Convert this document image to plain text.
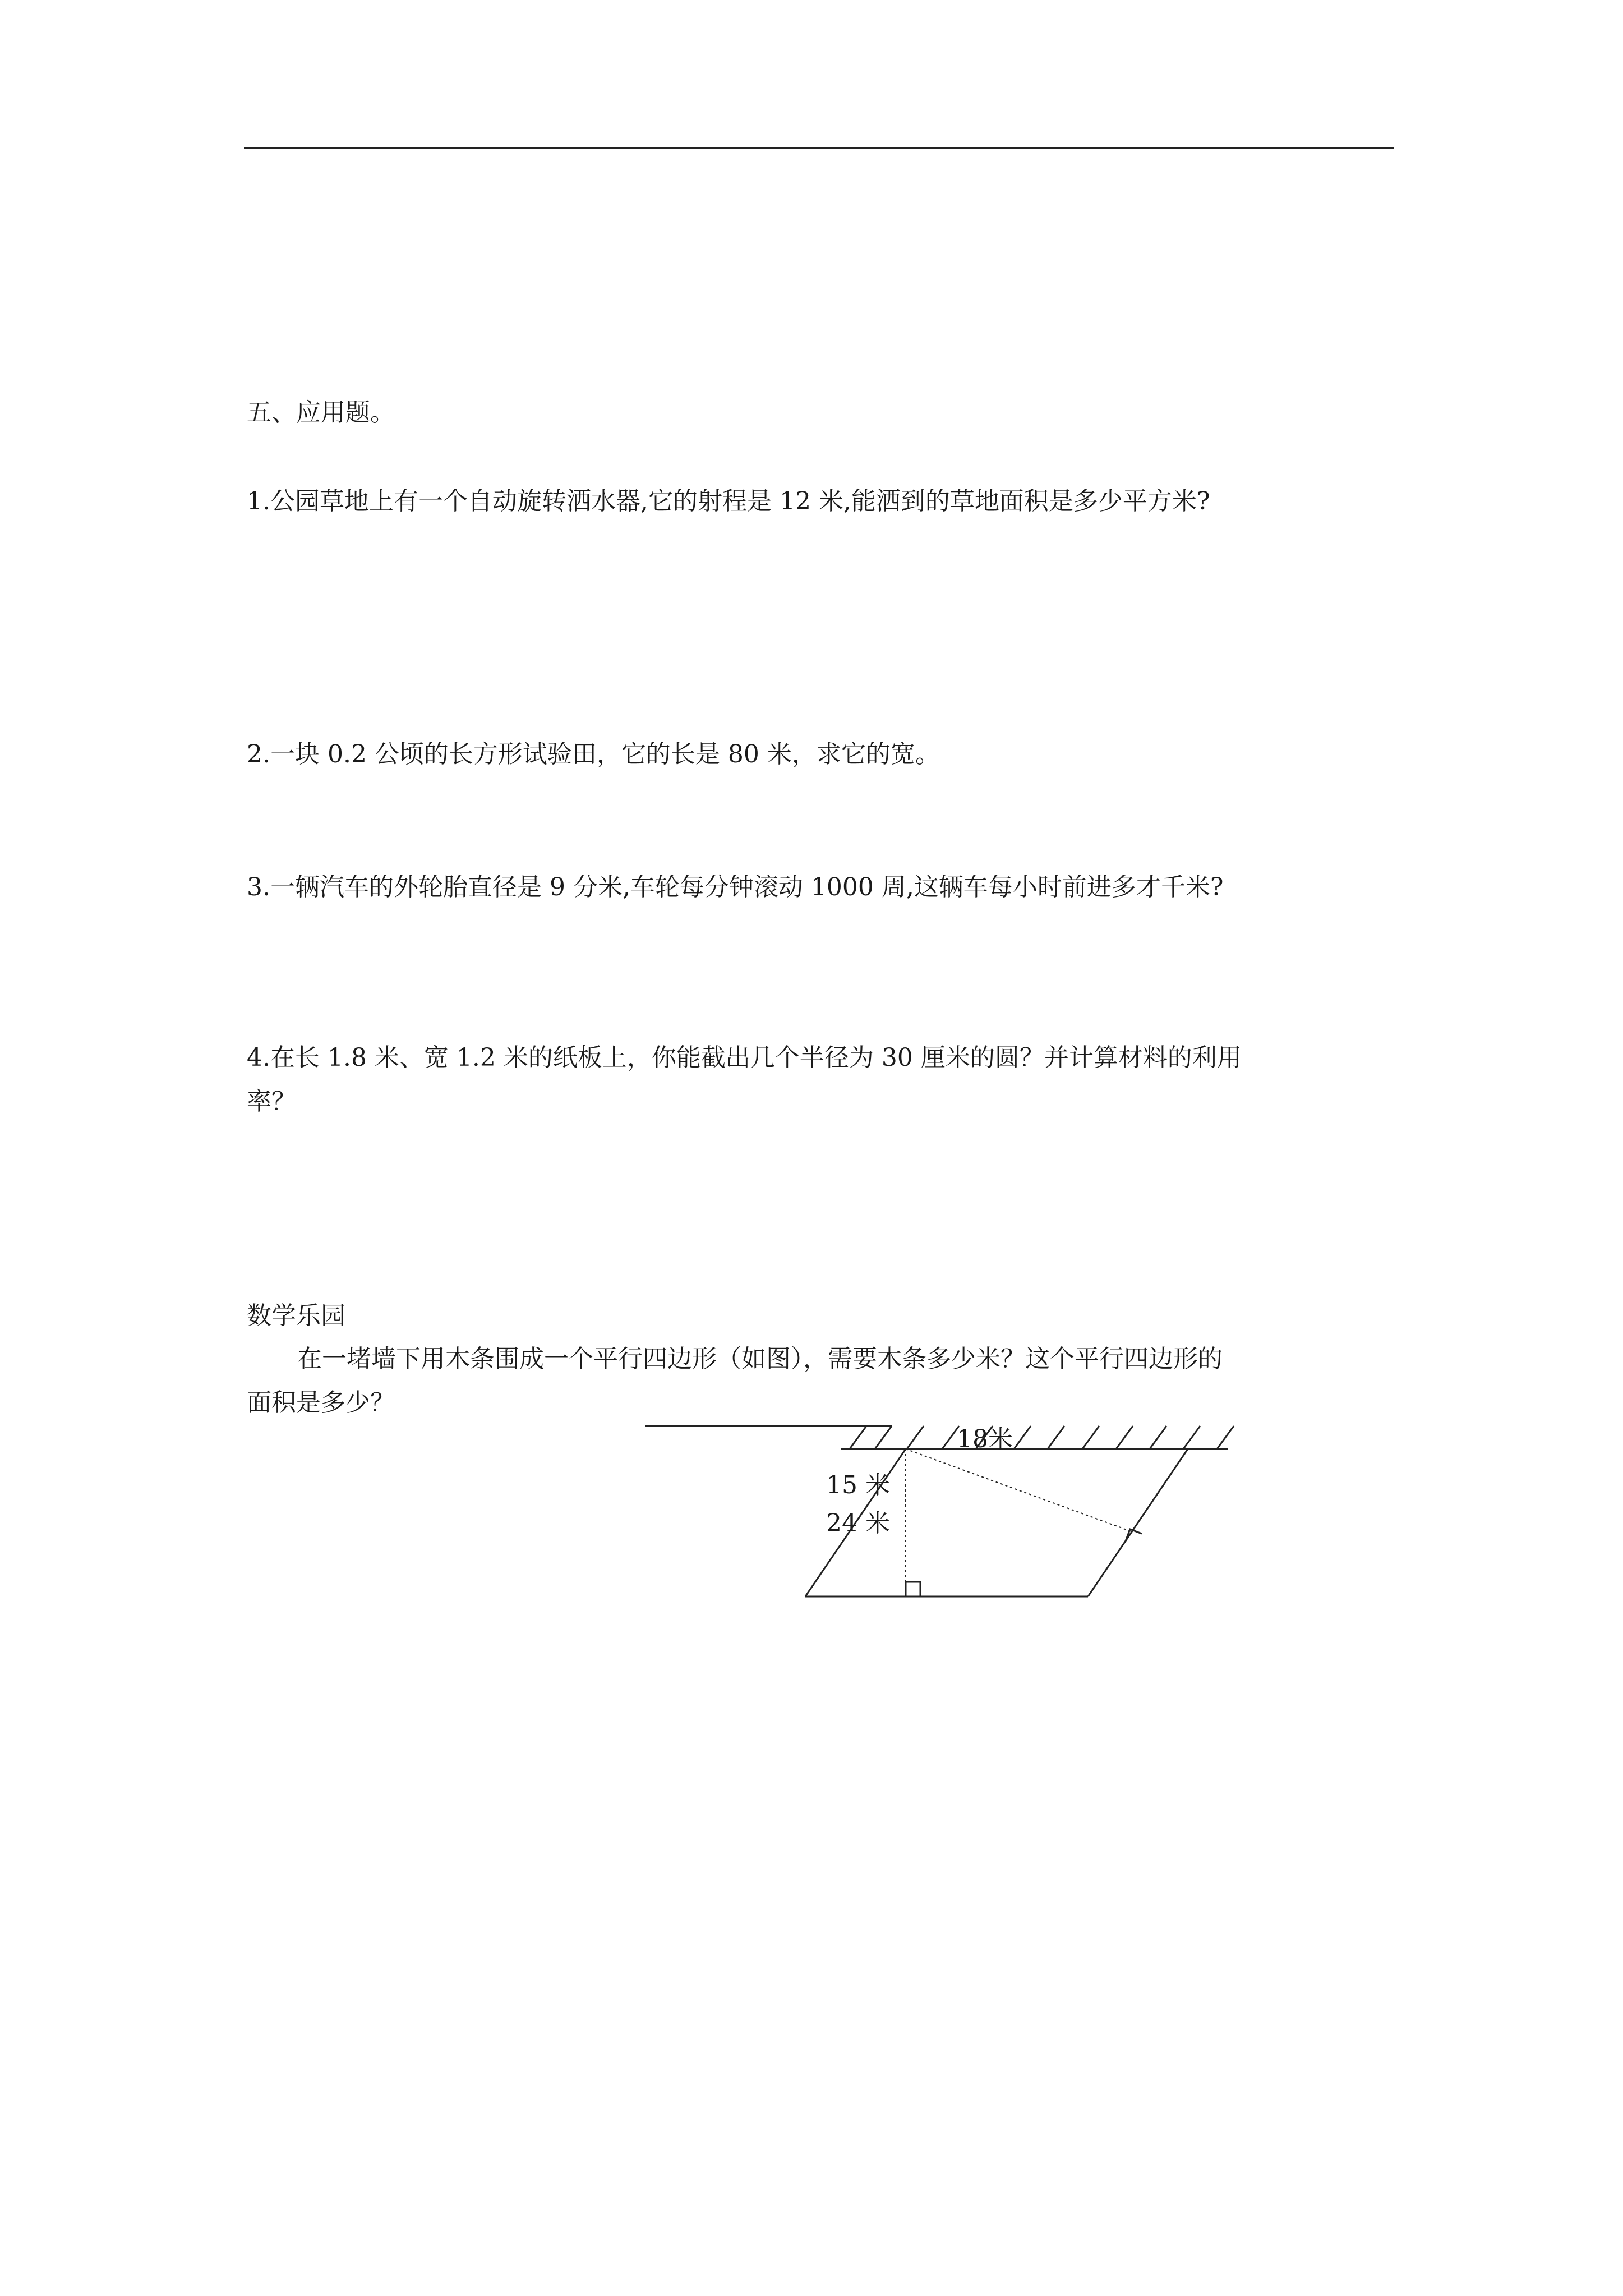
五、应用题。
1.公园草地上有一个自动旋转洒水器,它的射程是 12 米,能洒到的草地面积是多少平方米?
2.一块 0.2 公顷的长方形试验田，它的长是 80 米，求它的宽。
3.一辆汽车的外轮胎直径是 9 分米,车轮每分钟滚动 1000 周,这辆车每小时前进多才千米?
4.在长 1.8 米、宽 1.2 米的纸板上，你能截出几个半径为 30 厘米的圆？并计算材料的利用
率？
数学乐园
在一堵墙下用木条围成一个平行四边形（如图），需要木条多少米？这个平行四边形的
面积是多少？
18米
15 米
24 米
